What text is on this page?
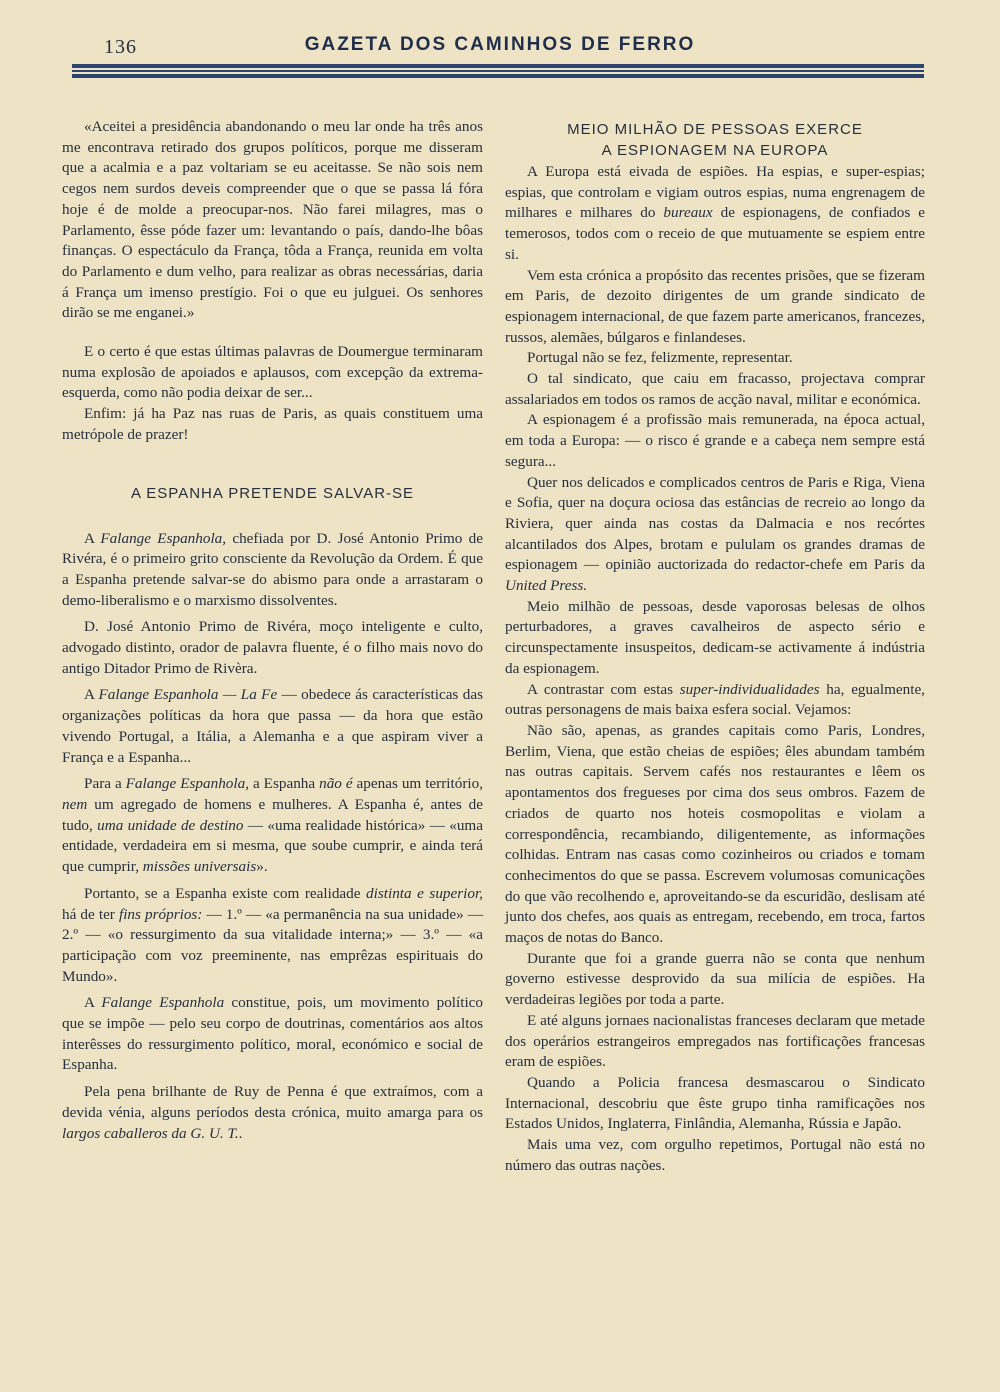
136	GAZETA DOS CAMINHOS DE FERRO

«Aceitei a presidência abandonando o meu lar onde ha três anos me encontrava retirado dos grupos políticos, porque me disseram que a acalmia e a paz voltariam se eu aceitasse. Se não sois nem cegos nem surdos deveis compreender que o que se passa lá fóra hoje é de molde a preocupar-nos. Não farei milagres, mas o Parlamento, êsse póde fazer um: levantando o país, dando-lhe bôas finanças. O espectáculo da França, tôda a França, reunida em volta do Parlamento e dum velho, para realizar as obras necessárias, daria á França um imenso prestígio. Foi o que eu julguei. Os senhores dirão se me enganei.»

E o certo é que estas últimas palavras de Doumergue terminaram numa explosão de apoiados e aplausos, com excepção da extrema-esquerda, como não podia deixar de ser...

Enfim: já ha Paz nas ruas de Paris, as quais constituem uma metrópole de prazer!

A ESPANHA PRETENDE SALVAR-SE

A Falange Espanhola, chefiada por D. José Antonio Primo de Rivéra, é o primeiro grito consciente da Revolução da Ordem. É que a Espanha pretende salvar-se do abismo para onde a arrastaram o demo-liberalismo e o marxismo dissolventes.

D. José Antonio Primo de Rivéra, moço inteligente e culto, advogado distinto, orador de palavra fluente, é o filho mais novo do antigo Ditador Primo de Rivèra.

A Falange Espanhola — La Fe — obedece ás características das organizações políticas da hora que passa — da hora que estão vivendo Portugal, a Itália, a Alemanha e a que aspiram viver a França e a Espanha...

Para a Falange Espanhola, a Espanha não é apenas um território, nem um agregado de homens e mulheres. A Espanha é, antes de tudo, uma unidade de destino — «uma realidade histórica» — «uma entidade, verdadeira em si mesma, que soube cumprir, e ainda terá que cumprir, missões universais».

Portanto, se a Espanha existe com realidade distinta e superior, há de ter fins próprios: — 1.º — «a permanência na sua unidade» — 2.º — «o ressurgimento da sua vitalidade interna;» — 3.º — «a participação com voz preeminente, nas emprêzas espirituais do Mundo».

A Falange Espanhola constitue, pois, um movimento político que se impõe — pelo seu corpo de doutrinas, comentários aos altos interêsses do ressurgimento político, moral, económico e social de Espanha.

Pela pena brilhante de Ruy de Penna é que extraímos, com a devida vénia, alguns períodos desta crónica, muito amarga para os largos caballeros da G. U. T..

MEIO MILHÃO DE PESSOAS EXERCE

A ESPIONAGEM NA EUROPA

A Europa está eivada de espiões. Ha espias, e super-espias; espias, que controlam e vigiam outros espias, numa engrenagem de milhares e milhares do bureaux de espionagens, de confiados e temerosos, todos com o receio de que mutuamente se espiem entre si.

Vem esta crónica a propósito das recentes prisões, que se fizeram em Paris, de dezoito dirigentes de um grande sindicato de espionagem internacional, de que fazem parte americanos, francezes, russos, alemães, búlgaros e finlandeses.

Portugal não se fez, felizmente, representar.

O tal sindicato, que caiu em fracasso, projectava comprar assalariados em todos os ramos de acção naval, militar e económica.

A espionagem é a profissão mais remunerada, na época actual, em toda a Europa: — o risco é grande e a cabeça nem sempre está segura...

Quer nos delicados e complicados centros de Paris e Riga, Viena e Sofia, quer na doçura ociosa das estâncias de recreio ao longo da Riviera, quer ainda nas costas da Dalmacia e nos recórtes alcantilados dos Alpes, brotam e pululam os grandes dramas de espionagem — opinião auctorizada do redactor-chefe em Paris da United Press.

Meio milhão de pessoas, desde vaporosas belesas de olhos perturbadores, a graves cavalheiros de aspecto sério e circunspectamente insuspeitos, dedicam-se activamente á indústria da espionagem.

A contrastar com estas super-individualidades ha, egualmente, outras personagens de mais baixa esfera social. Vejamos:

Não são, apenas, as grandes capitais como Paris, Londres, Berlim, Viena, que estão cheias de espiões; êles abundam também nas outras capitais. Servem cafés nos restaurantes e lêem os apontamentos dos fregueses por cima dos seus ombros. Fazem de criados de quarto nos hoteis cosmopolitas e violam a correspondência, recambiando, diligentemente, as informações colhidas. Entram nas casas como cozinheiros ou criados e tomam conhecimentos do que se passa. Escrevem volumosas comunicações do que vão recolhendo e, aproveitando-se da escuridão, deslisam até junto dos chefes, aos quais as entregam, recebendo, em troca, fartos maços de notas do Banco.

Durante que foi a grande guerra não se conta que nenhum governo estivesse desprovido da sua milícia de espiões. Ha verdadeiras legiões por toda a parte.

E até alguns jornaes nacionalistas franceses declaram que metade dos operários estrangeiros empregados nas fortificações francesas eram de espiões.

Quando a Policia francesa desmascarou o Sindicato Internacional, descobriu que êste grupo tinha ramificações nos Estados Unidos, Inglaterra, Finlândia, Alemanha, Rússia e Japão.

Mais uma vez, com orgulho repetimos, Portugal não está no número das outras nações.
